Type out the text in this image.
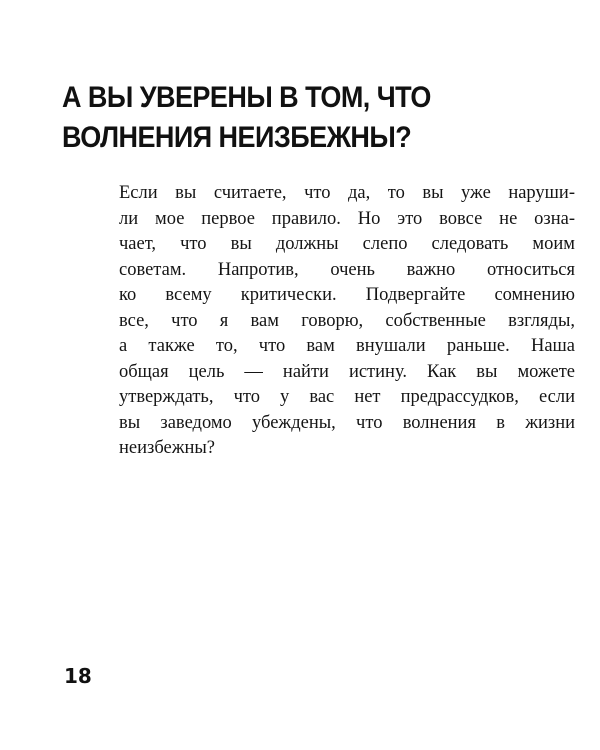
А ВЫ УВЕРЕНЫ В ТОМ, ЧТО
ВОЛНЕНИЯ НЕИЗБЕЖНЫ?
Если вы считаете, что да, то вы уже наруши-
ли мое первое правило. Но это вовсе не озна-
чает, что вы должны слепо следовать моим
советам. Напротив, очень важно относиться
ко всему критически. Подвергайте сомнению
все, что я вам говорю, собственные взгляды,
а также то, что вам внушали раньше. Наша
общая цель — найти истину. Как вы можете
утверждать, что у вас нет предрассудков, если
вы заведомо убеждены, что волнения в жизни
неизбежны?
18
